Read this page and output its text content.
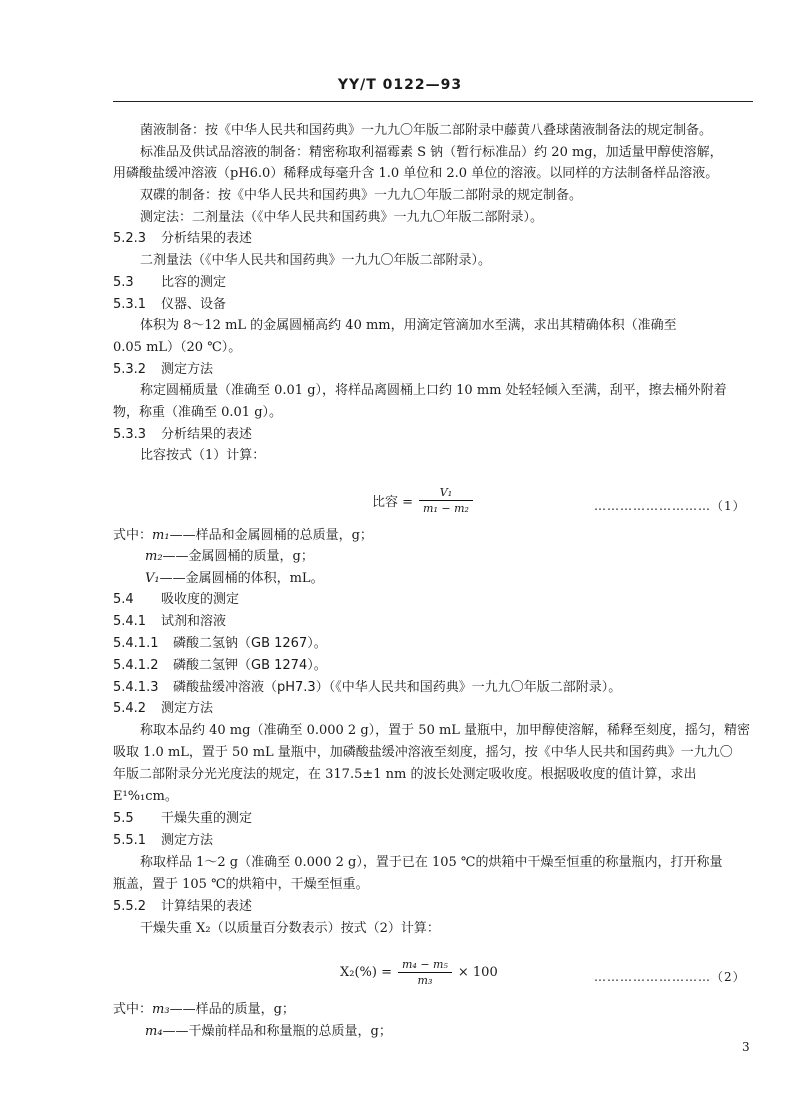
YY/T 0122—93
菌液制备：按《中华人民共和国药典》一九九〇年版二部附录中藤黄八叠球菌液制备法的规定制备。
标准品及供试品溶液的制备：精密称取利福霉素 S 钠（暂行标准品）约 20 mg，加适量甲醇使溶解，
用磷酸盐缓冲溶液（pH6.0）稀释成每毫升含 1.0 单位和 2.0 单位的溶液。以同样的方法制备样品溶液。
双碟的制备：按《中华人民共和国药典》一九九〇年版二部附录的规定制备。
测定法：二剂量法（《中华人民共和国药典》一九九〇年版二部附录）。
5.2.3 分析结果的表述
二剂量法（《中华人民共和国药典》一九九〇年版二部附录）。
5.3 比容的测定
5.3.1 仪器、设备
体积为 8～12 mL 的金属圆桶高约 40 mm，用滴定管滴加水至满，求出其精确体积（准确至
0.05 mL）（20 ℃）。
5.3.2 测定方法
称定圆桶质量（准确至 0.01 g），将样品离圆桶上口约 10 mm 处轻轻倾入至满，刮平，擦去桶外附着
物，称重（准确至 0.01 g）。
5.3.3 分析结果的表述
比容按式（1）计算：
比容 = $\frac{\text{V₁}}{\text{m₁ − m₂}}$	………………………（1）
式中：m₁——样品和金属圆桶的总质量，g；
m₂——金属圆桶的质量，g；
V₁——金属圆桶的体积，mL。
5.4 吸收度的测定
5.4.1 试剂和溶液
5.4.1.1 磷酸二氢钠（GB 1267）。
5.4.1.2 磷酸二氢钾（GB 1274）。
5.4.1.3 磷酸盐缓冲溶液（pH7.3）（《中华人民共和国药典》一九九〇年版二部附录）。
5.4.2 测定方法
称取本品约 40 mg（准确至 0.000 2 g），置于 50 mL 量瓶中，加甲醇使溶解，稀释至刻度，摇匀，精密
吸取 1.0 mL，置于 50 mL 量瓶中，加磷酸盐缓冲溶液至刻度，摇匀，按《中华人民共和国药典》一九九〇
年版二部附录分光光度法的规定，在 317.5±1 nm 的波长处测定吸收度。根据吸收度的值计算，求出
E¹%₁cm。
5.5 干燥失重的测定
5.5.1 测定方法
称取样品 1～2 g（准确至 0.000 2 g），置于已在 105 ℃的烘箱中干燥至恒重的称量瓶内，打开称量
瓶盖，置于 105 ℃的烘箱中，干燥至恒重。
5.5.2 计算结果的表述
干燥失重 X₂（以质量百分数表示）按式（2）计算：
$X_2(\%) = \frac{\text{m₄ − m₅}}{\text{m₃}} \times 100$	………………………（2）
式中：m₃——样品的质量，g；
m₄——干燥前样品和称量瓶的总质量，g；
3
